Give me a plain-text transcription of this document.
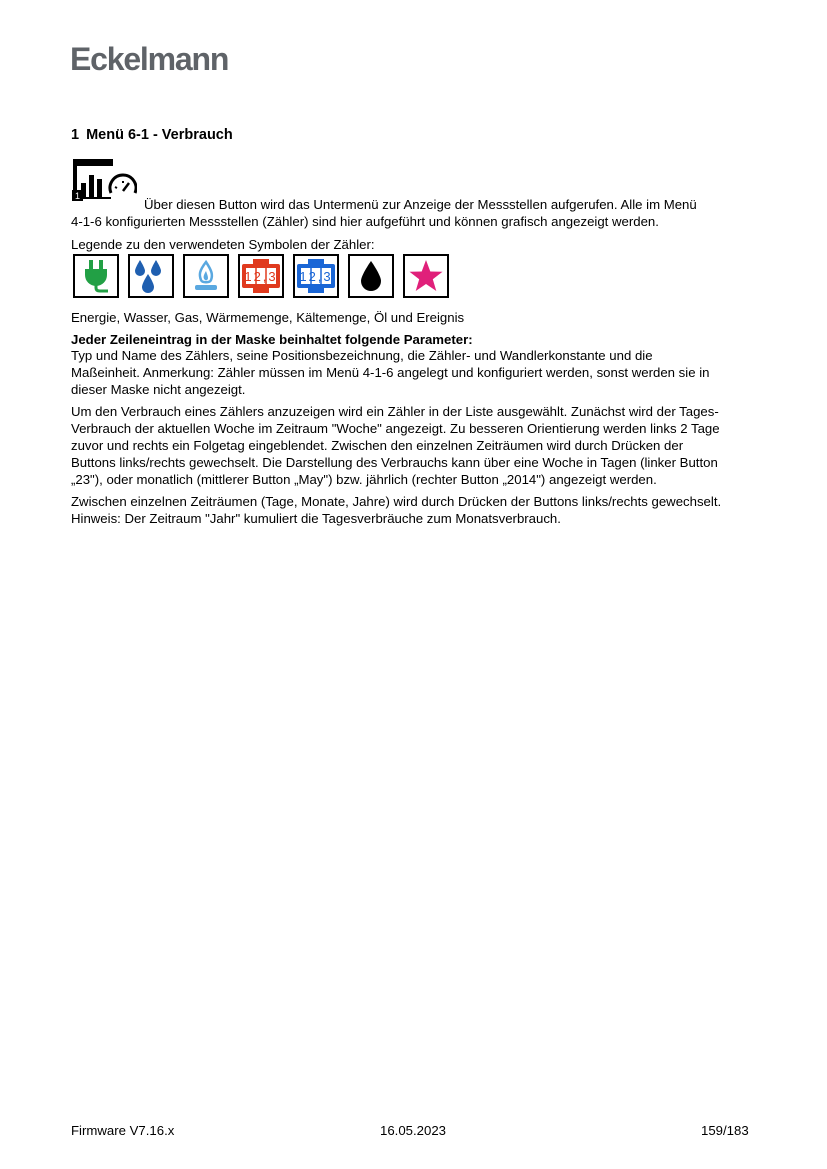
Eckelmann
1 Menü 6-1 - Verbrauch
1
Über diesen Button wird das Untermenü zur Anzeige der Messstellen aufgerufen. Alle im Menü
4-1-6 konfigurierten Messstellen (Zähler) sind hier aufgeführt und können grafisch angezeigt werden.
Legende zu den verwendeten Symbolen der Zähler:
12,3 12,3
Energie, Wasser, Gas, Wärmemenge, Kältemenge, Öl und Ereignis
Jeder Zeileneintrag in der Maske beinhaltet folgende Parameter:
Typ und Name des Zählers, seine Positionsbezeichnung, die Zähler- und Wandlerkonstante und die
Maßeinheit. Anmerkung: Zähler müssen im Menü 4-1-6 angelegt und konfiguriert werden, sonst werden sie in
dieser Maske nicht angezeigt.
Um den Verbrauch eines Zählers anzuzeigen wird ein Zähler in der Liste ausgewählt. Zunächst wird der Tages-
Verbrauch der aktuellen Woche im Zeitraum "Woche" angezeigt. Zu besseren Orientierung werden links 2 Tage
zuvor und rechts ein Folgetag eingeblendet. Zwischen den einzelnen Zeiträumen wird durch Drücken der
Buttons links/rechts gewechselt. Die Darstellung des Verbrauchs kann über eine Woche in Tagen (linker Button
„23"), oder monatlich (mittlerer Button „May") bzw. jährlich (rechter Button „2014") angezeigt werden.
Zwischen einzelnen Zeiträumen (Tage, Monate, Jahre) wird durch Drücken der Buttons links/rechts gewechselt.
Hinweis: Der Zeitraum "Jahr" kumuliert die Tagesverbräuche zum Monatsverbrauch.
Firmware V7.16.x	16.05.2023	159/183
